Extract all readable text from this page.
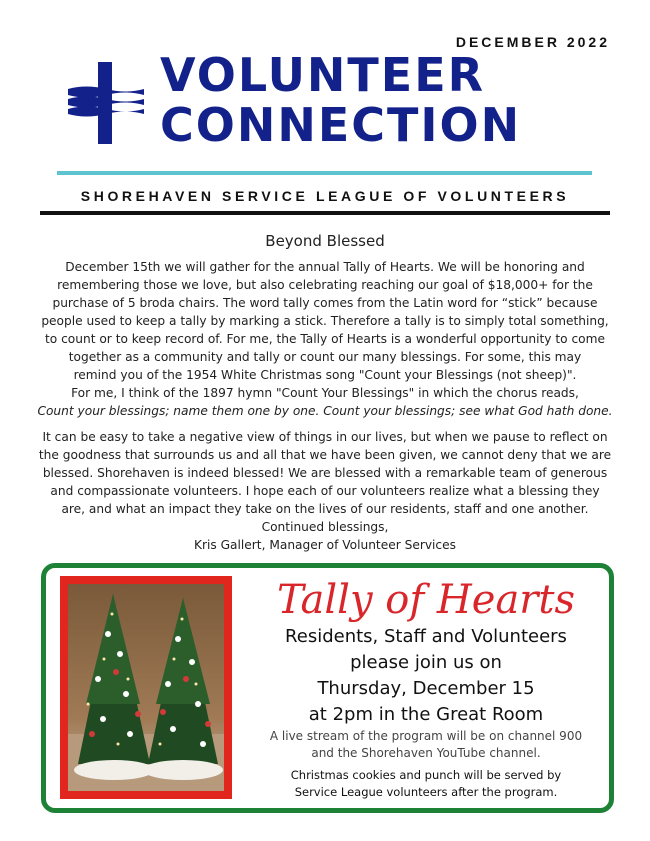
DECEMBER 2022
VOLUNTEER
CONNECTION
SHOREHAVEN SERVICE LEAGUE OF VOLUNTEERS
Beyond Blessed

December 15th we will gather for the annual Tally of Hearts. We will be honoring and
remembering those we love, but also celebrating reaching our goal of $18,000+ for the
purchase of 5 broda chairs. The word tally comes from the Latin word for “stick” because
people used to keep a tally by marking a stick. Therefore a tally is to simply total something,
to count or to keep record of. For me, the Tally of Hearts is a wonderful opportunity to come
together as a community and tally or count our many blessings. For some, this may
remind you of the 1954 White Christmas song "Count your Blessings (not sheep)".
For me, I think of the 1897 hymn "Count Your Blessings" in which the chorus reads,
Count your blessings; name them one by one. Count your blessings; see what God hath done.

It can be easy to take a negative view of things in our lives, but when we pause to reflect on
the goodness that surrounds us and all that we have been given, we cannot deny that we are
blessed. Shorehaven is indeed blessed! We are blessed with a remarkable team of generous
and compassionate volunteers. I hope each of our volunteers realize what a blessing they
are, and what an impact they take on the lives of our residents, staff and one another.
Continued blessings,
Kris Gallert, Manager of Volunteer Services

Tally of Hearts
Residents, Staff and Volunteers
please join us on
Thursday, December 15
at 2pm in the Great Room
A live stream of the program will be on channel 900
and the Shorehaven YouTube channel.
Christmas cookies and punch will be served by
Service League volunteers after the program.
